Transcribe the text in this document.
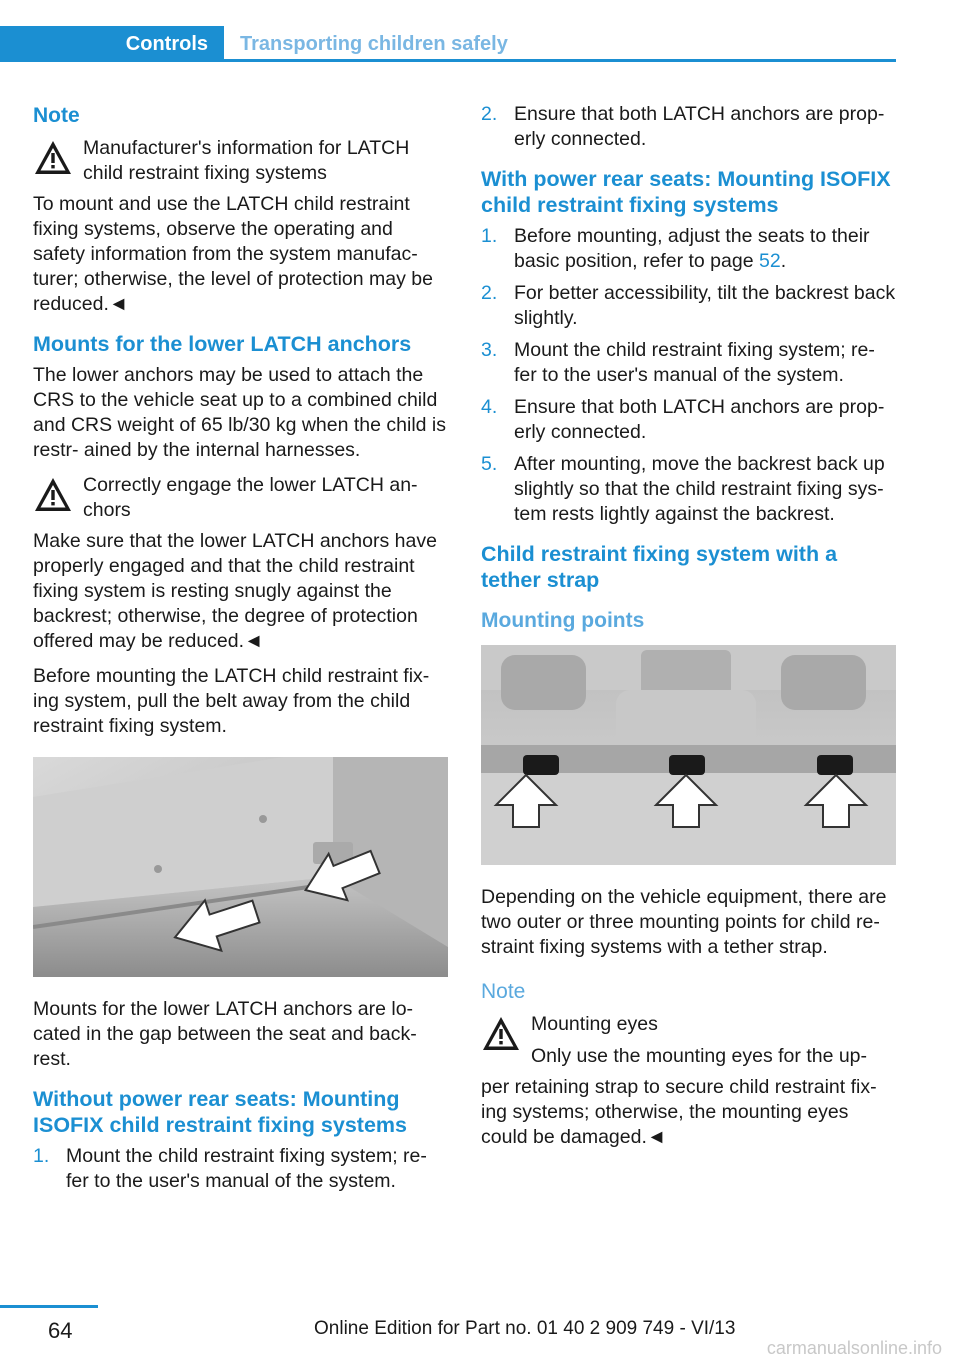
Controls	Transporting children safely
Note
Manufacturer's information for LATCH child restraint fixing systems

To mount and use the LATCH child restraint fixing systems, observe the operating and safety information from the system manufac- turer; otherwise, the level of protection may be reduced.◄

Mounts for the lower LATCH anchors

The lower anchors may be used to attach the CRS to the vehicle seat up to a combined child and CRS weight of 65 lb/30 kg when the child is restr- ained by the internal harnesses.

Correctly engage the lower LATCH an- chors

Make sure that the lower LATCH anchors have properly engaged and that the child restraint fixing system is resting snugly against the backrest; otherwise, the degree of protection offered may be reduced.◄

Before mounting the LATCH child restraint fix- ing system, pull the belt away from the child restraint fixing system.

Mounts for the lower LATCH anchors are lo- cated in the gap between the seat and back- rest.

Without power rear seats: Mounting ISOFIX child restraint fixing systems
1. Mount the child restraint fixing system; re- fer to the user's manual of the system.
2. Ensure that both LATCH anchors are prop- erly connected.
With power rear seats: Mounting ISOFIX child restraint fixing systems
1. Before mounting, adjust the seats to their basic position, refer to page 52.
2. For better accessibility, tilt the backrest back slightly.
3. Mount the child restraint fixing system; re- fer to the user's manual of the system.
4. Ensure that both LATCH anchors are prop- erly connected.
5. After mounting, move the backrest back up slightly so that the child restraint fixing sys- tem rests lightly against the backrest.
Child restraint fixing system with a tether strap
Mounting points

Depending on the vehicle equipment, there are two outer or three mounting points for child re- straint fixing systems with a tether strap.

Note
Mounting eyes
Only use the mounting eyes for the up-

per retaining strap to secure child restraint fix- ing systems; otherwise, the mounting eyes could be damaged.◄

64	Online Edition for Part no. 01 40 2 909 749 - VI/13
carmanualsonline.info
